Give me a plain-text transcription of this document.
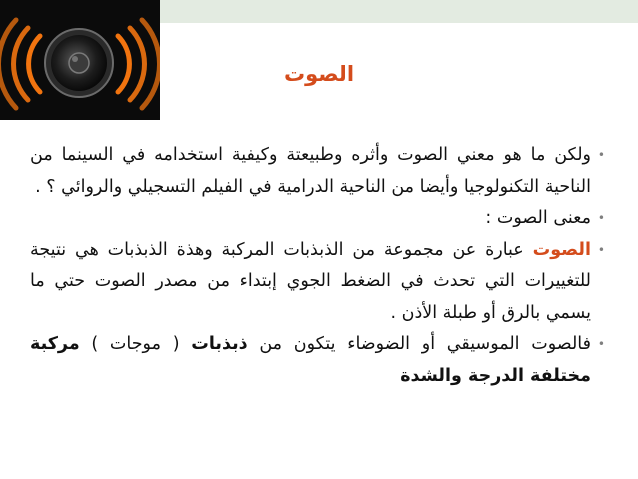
الصوت

•
ولكن ما هو معني الصوت وأثره وطبيعتة وكيفية استخدامه في السينما من الناحية التكنولوجيا وأيضا من الناحية الدرامية في الفيلم التسجيلي والروائي ؟ .

•
معنى الصوت :

•
الصوت عبارة عن مجموعة من الذبذبات المركبة وهذة الذبذبات هي نتيجة للتغييرات التي تحدث في الضغط الجوي إبتداء من مصدر الصوت حتي ما يسمي بالرق أو طبلة الأذن .

•
فالصوت الموسيقي أو الضوضاء يتكون من ذبذبات ( موجات ) مركبة مختلفة الدرجة والشدة
